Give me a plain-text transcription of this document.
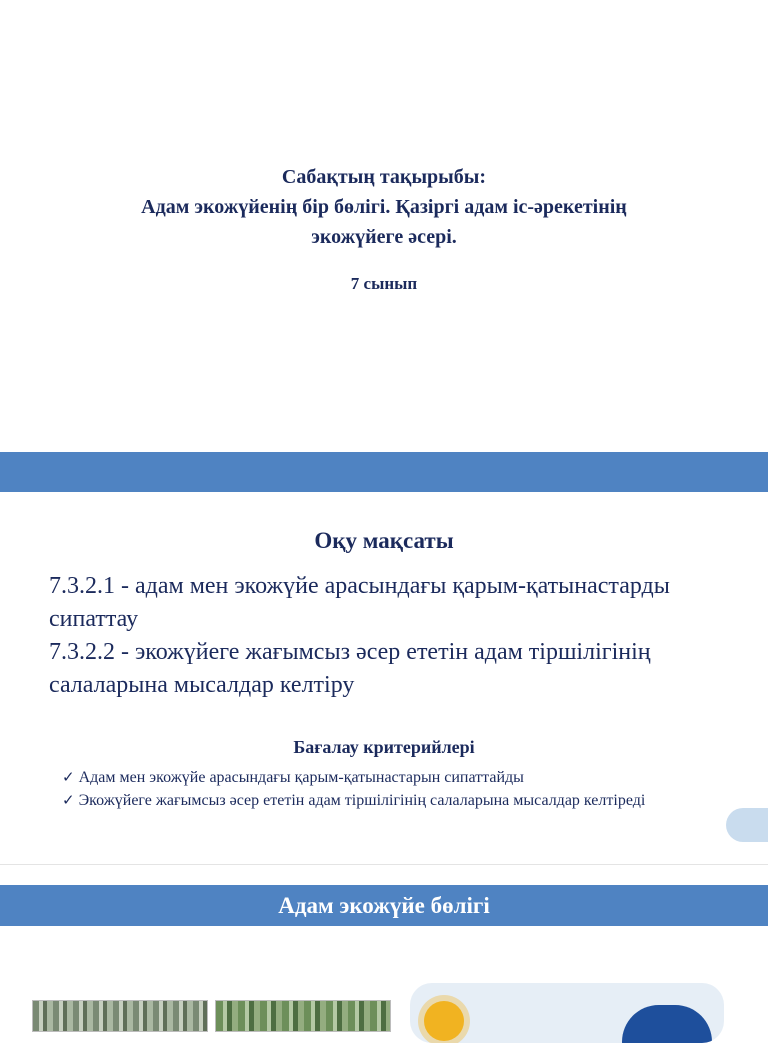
Сабақтың тақырыбы:
Адам экожүйенің бір бөлігі. Қазіргі адам іс-әрекетінің
экожүйеге әсері.
7 сынып
Оқу мақсаты
7.3.2.1 - адам мен экожүйе арасындағы қарым-қатынастарды сипаттау
7.3.2.2 - экожүйеге жағымсыз әсер ететін адам тіршілігінің салаларына мысалдар келтіру
Бағалау критерийлері

✓ Адам мен экожүйе арасындағы қарым-қатынастарын сипаттайды

✓ Экожүйеге жағымсыз әсер ететін адам тіршілігінің салаларына мысалдар келтіреді

Адам экожүйе бөлігі
